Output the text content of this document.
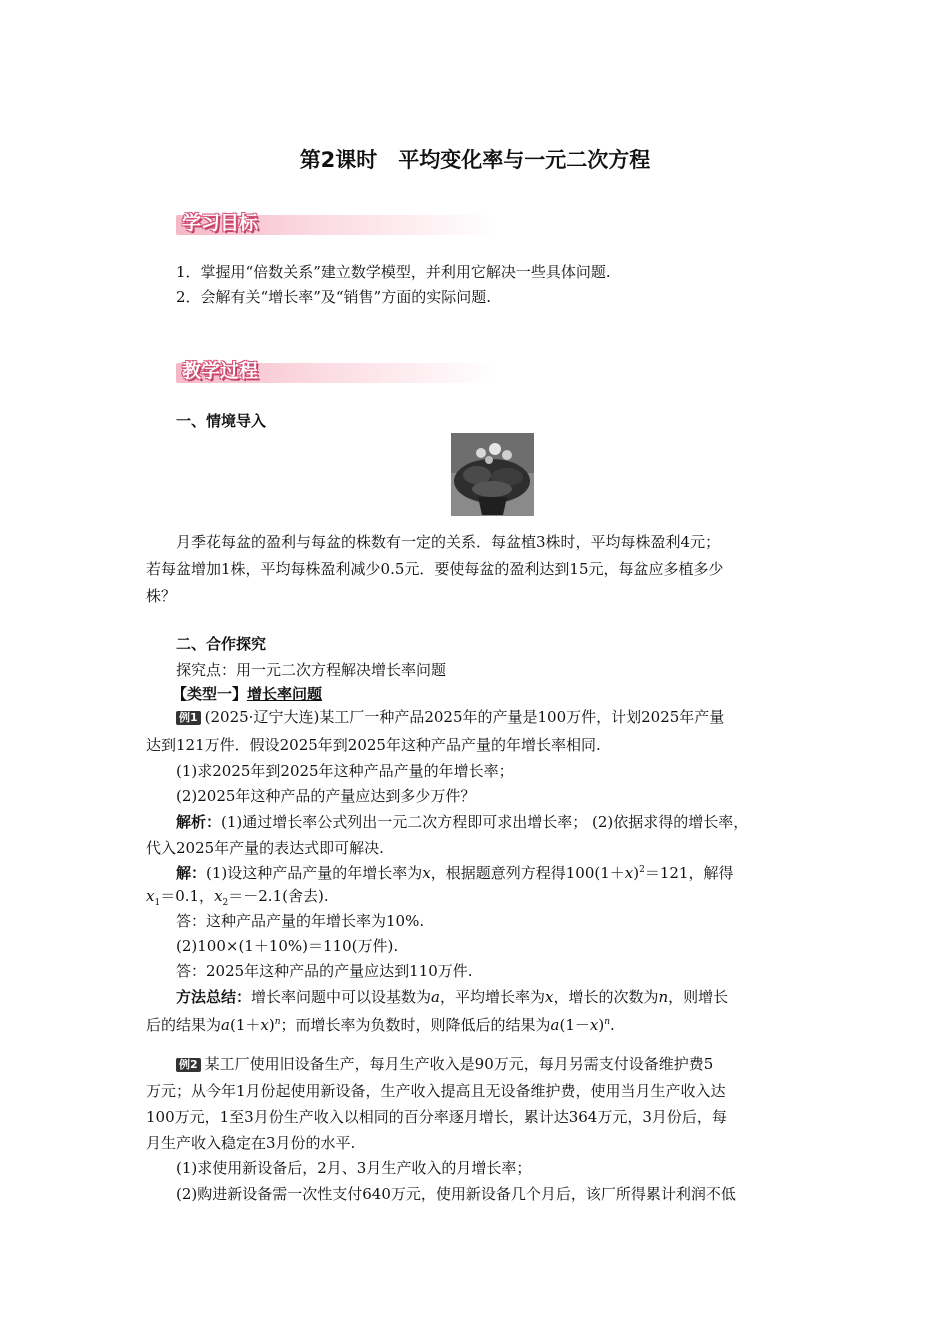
第2课时　平均变化率与一元二次方程
学习目标
1．掌握用“倍数关系”建立数学模型，并利用它解决一些具体问题.
2．会解有关“增长率”及“销售”方面的实际问题.
教学过程
一、情境导入
月季花每盆的盈利与每盆的株数有一定的关系．每盆植3株时，平均每株盈利4元；
若每盆增加1株，平均每株盈利减少0.5元．要使每盆的盈利达到15元，每盆应多植多少
株？
二、合作探究
探究点：用一元二次方程解决增长率问题
【类型一】增长率问题
例1 (2025·辽宁大连)某工厂一种产品2025年的产量是100万件，计划2025年产量
达到121万件．假设2025年到2025年这种产品产量的年增长率相同.
(1)求2025年到2025年这种产品产量的年增长率；
(2)2025年这种产品的产量应达到多少万件？
解析：(1)通过增长率公式列出一元二次方程即可求出增长率； (2)依据求得的增长率，
代入2025年产量的表达式即可解决.
解：(1)设这种产品产量的年增长率为x，根据题意列方程得$100(1+x)^2=121$，解得
$x_1=0.1$，$x_2=-2.1$(舍去).
答：这种产品产量的年增长率为10%.
(2)100×(1＋10%)＝110(万件).
答：2025年这种产品的产量应达到110万件.
方法总结：增长率问题中可以设基数为a，平均增长率为x，增长的次数为n，则增长
后的结果为$a(1+x)^n$；而增长率为负数时，则降低后的结果为$a(1-x)^n$.
例2 某工厂使用旧设备生产，每月生产收入是90万元，每月另需支付设备维护费5
万元；从今年1月份起使用新设备，生产收入提高且无设备维护费，使用当月生产收入达
100万元，1至3月份生产收入以相同的百分率逐月增长，累计达364万元，3月份后，每
月生产收入稳定在3月份的水平.
(1)求使用新设备后，2月、3月生产收入的月增长率；
(2)购进新设备需一次性支付640万元，使用新设备几个月后，该厂所得累计利润不低
